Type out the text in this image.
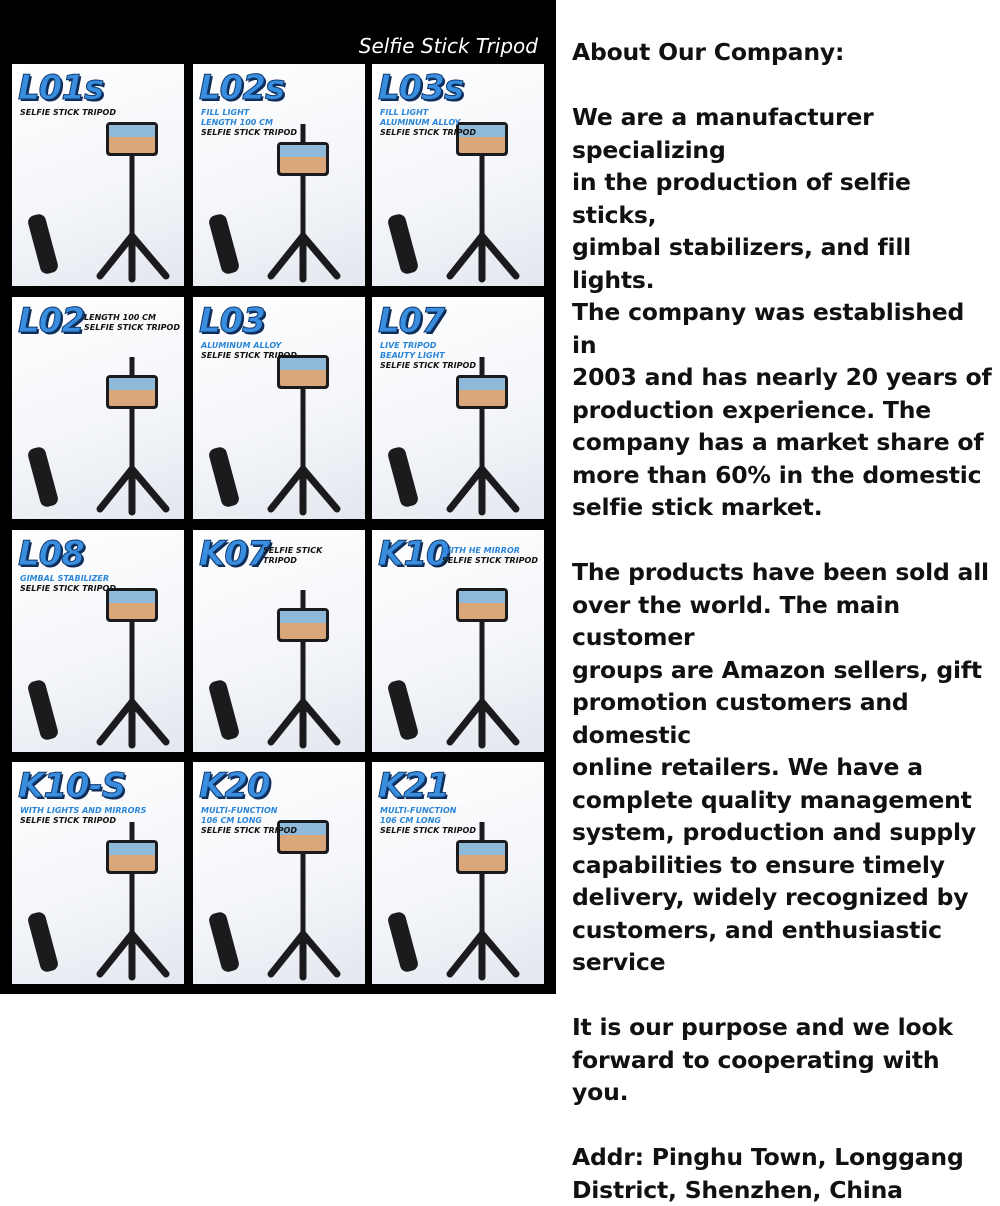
Selfie Stick Tripod
L01s
SELFIE STICK TRIPOD
L02s
FILL LIGHT
LENGTH 100 CM
SELFIE STICK TRIPOD
L03s
FILL LIGHT
ALUMINUM ALLOY
SELFIE STICK TRIPOD
L02 LENGTH 100 CM
SELFIE STICK TRIPOD L03
ALUMINUM ALLOY
SELFIE STICK TRIPOD
L07
LIVE TRIPOD
BEAUTY LIGHT
SELFIE STICK TRIPOD
L08
GIMBAL STABILIZER
SELFIE STICK TRIPOD
K07
SELFIE STICK
TRIPOD	K10
WITH HE MIRROR
SELFIE STICK TRIPOD
K10-S
WITH LIGHTS AND MIRRORS
SELFIE STICK TRIPOD
K20
MULTI-FUNCTION
106 CM LONG
SELFIE STICK TRIPOD
K21
MULTI-FUNCTION
106 CM LONG
SELFIE STICK TRIPOD

About Our Company:

We are a manufacturer specializing

in the production of selfie sticks,

gimbal stabilizers, and fill lights.

The company was established in

2003 and has nearly 20 years of

production experience. The

company has a market share of

more than 60% in the domestic

selfie stick market.

The products have been sold all

over the world. The main customer

groups are Amazon sellers, gift

promotion customers and domestic

online retailers. We have a

complete quality management

system, production and supply

capabilities to ensure timely

delivery, widely recognized by

customers, and enthusiastic service

It is our purpose and we look

forward to cooperating with you.

Addr: Pinghu Town, Longgang

District, Shenzhen, China
